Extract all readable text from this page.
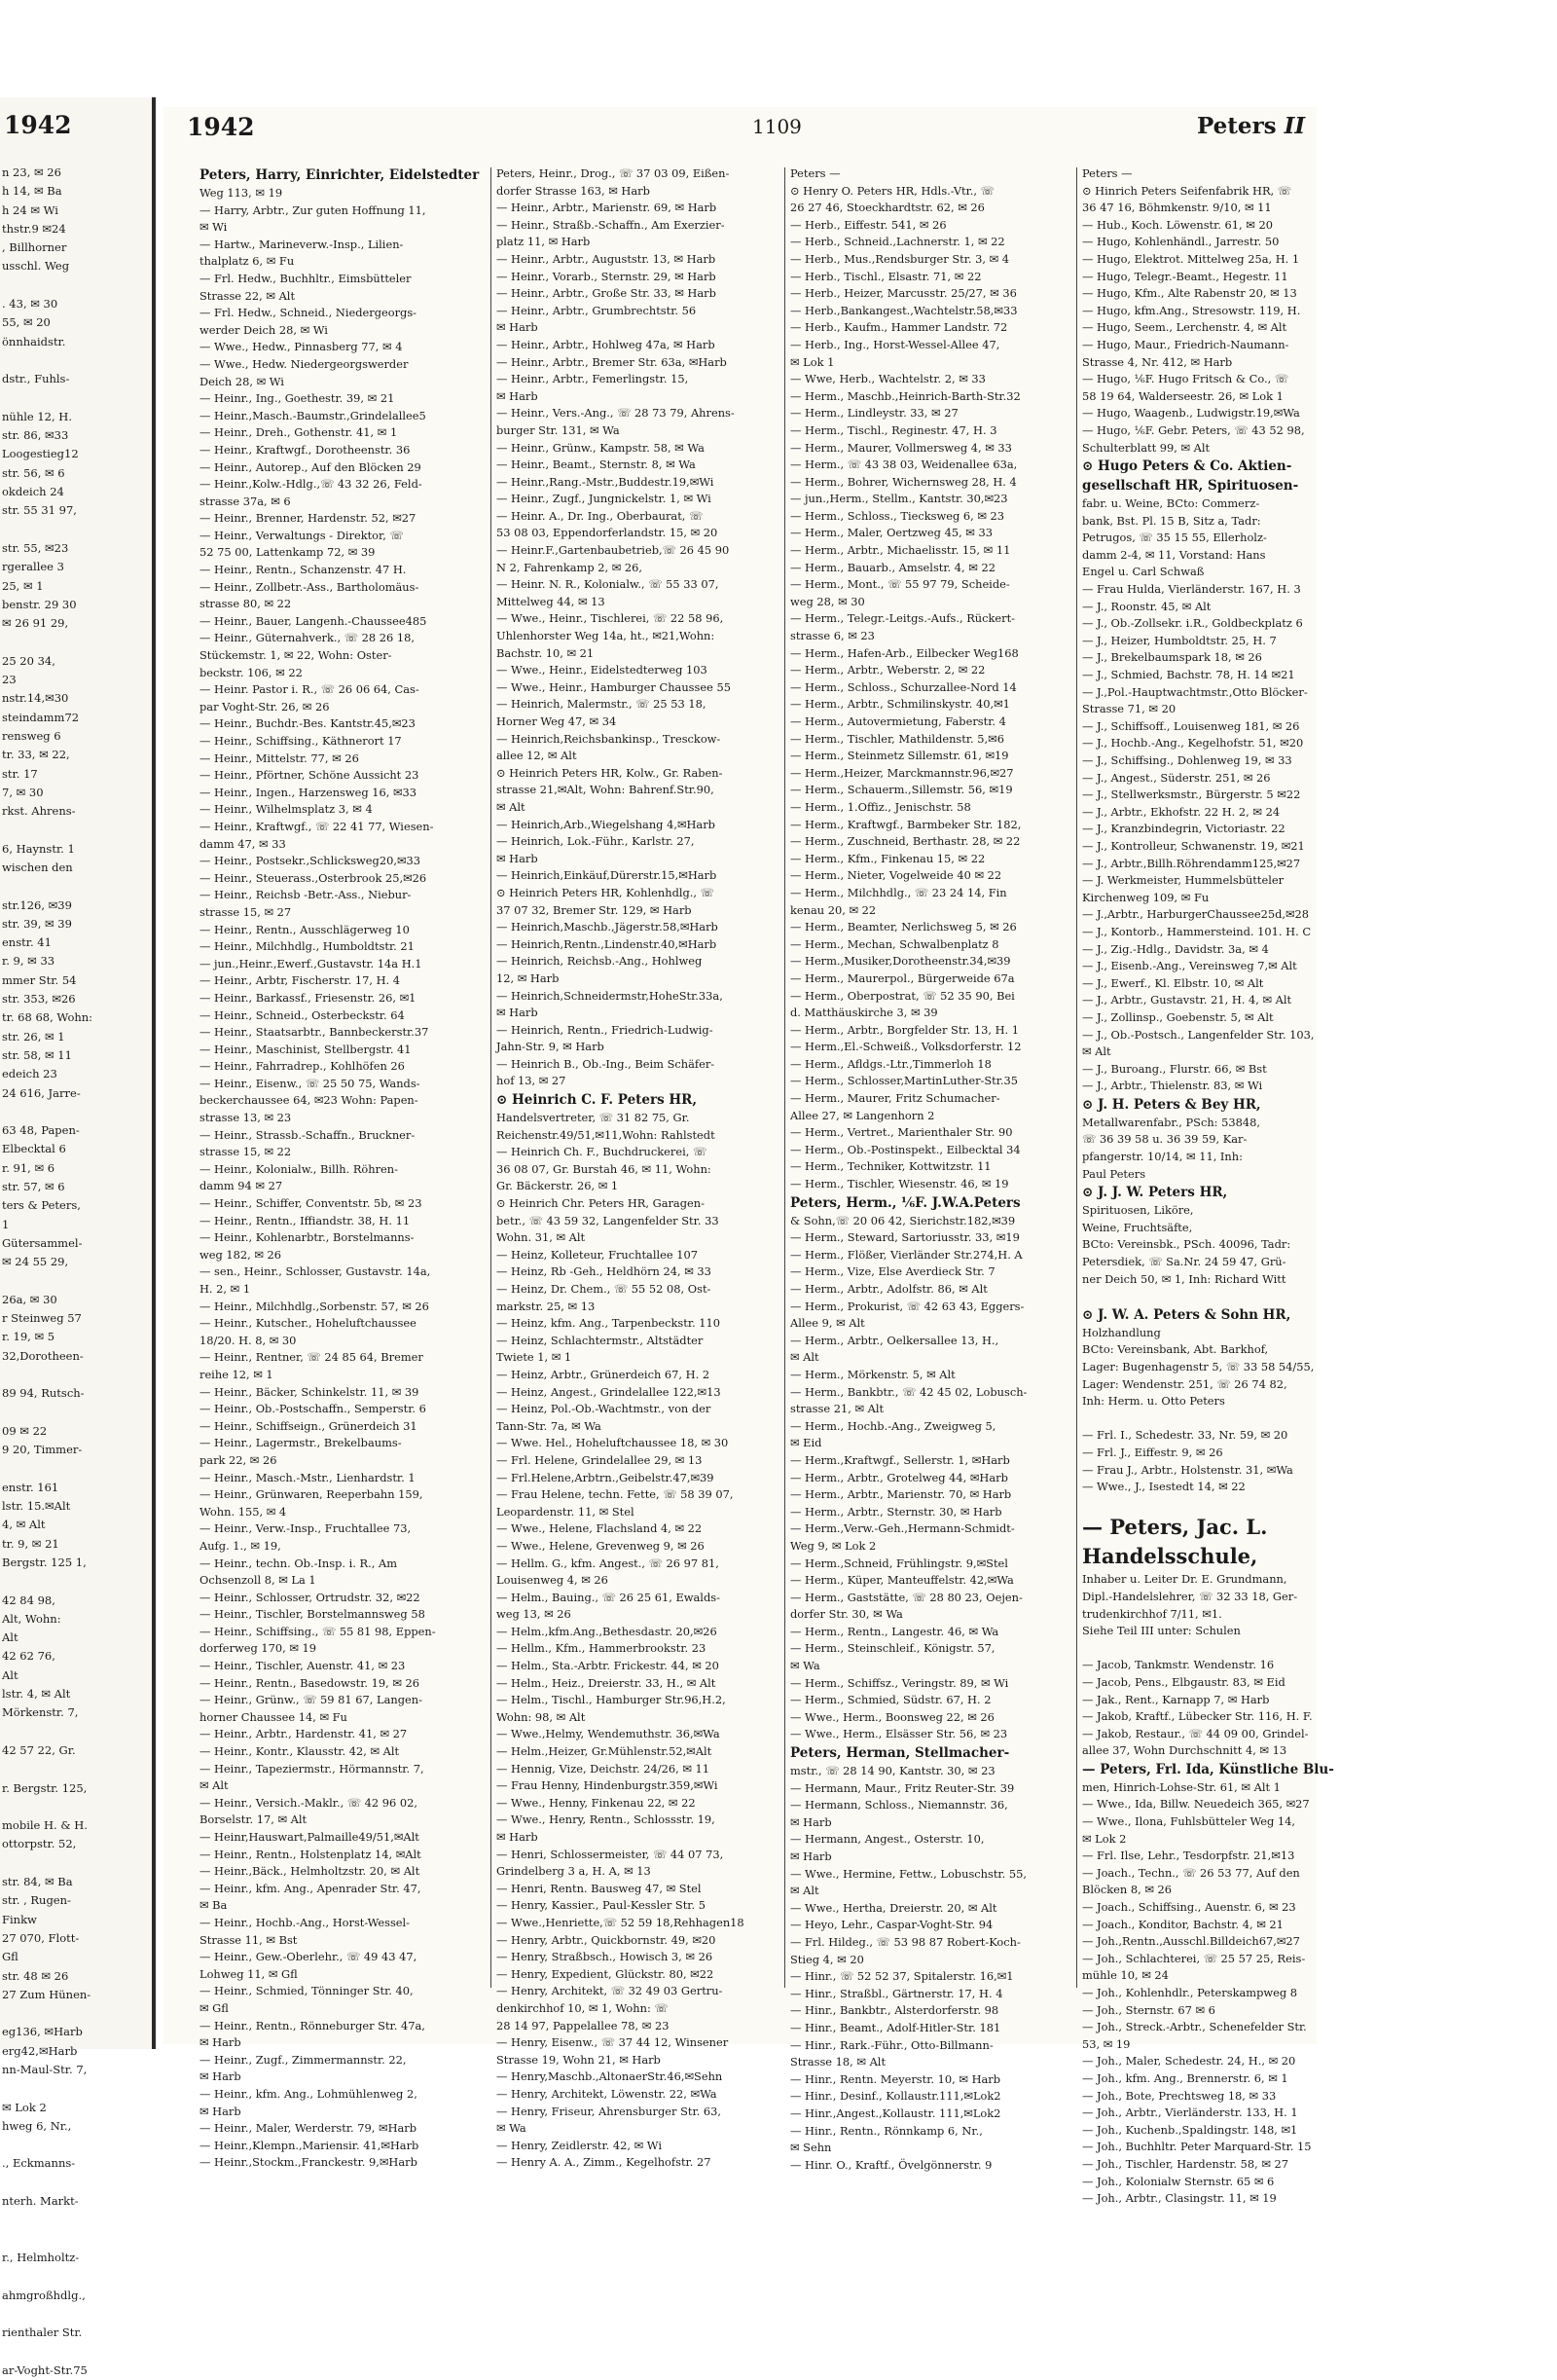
1942
n 23, ✉ 26
h 14, ✉ Ba
h 24 ✉ Wi
thstr.9 ✉24
, Billhorner
usschl. Weg

. 43, ✉ 30
55, ✉ 20
önnhaidstr.

dstr., Fuhls-

nühle 12, H.
str. 86, ✉33
Loogestieg12
str. 56, ✉ 6
okdeich 24
str. 55 31 97,

str. 55, ✉23
rgerallee 3
25, ✉ 1
benstr. 29 30
✉ 26 91 29,

25 20 34,
23
nstr.14,✉30
steindamm72
rensweg 6
tr. 33, ✉ 22,
str. 17
7, ✉ 30
rkst. Ahrens-

6, Haynstr. 1
wischen den

str.126, ✉39
str. 39, ✉ 39
enstr. 41
r. 9, ✉ 33
mmer Str. 54
str. 353, ✉26
tr. 68 68, Wohn:
str. 26, ✉ 1
str. 58, ✉ 11
edeich 23
24 616, Jarre-

63 48, Papen-
Elbecktal 6
r. 91, ✉ 6
str. 57, ✉ 6
ters & Peters,
1
Gütersammel-
✉ 24 55 29,

26a, ✉ 30
r Steinweg 57
r. 19, ✉ 5
32,Dorotheen-

89 94, Rutsch-

09 ✉ 22
9 20, Timmer-

enstr. 161
lstr. 15.✉Alt
4, ✉ Alt
tr. 9, ✉ 21
Bergstr. 125 1,

42 84 98,
Alt, Wohn:
Alt
42 62 76,
Alt
lstr. 4, ✉ Alt
Mörkenstr. 7,

42 57 22, Gr.

r. Bergstr. 125,

mobile H. & H.
ottorpstr. 52,

str. 84, ✉ Ba
str. , Rugen-
Finkw
27 070, Flott-
Gfl
str. 48 ✉ 26
27 Zum Hünen-

eg136, ✉Harb
erg42,✉Harb
nn-Maul-Str. 7,

✉ Lok 2
hweg 6, Nr.,

., Eckmanns-

nterh. Markt-

r., Helmholtz-

ahmgroßhdlg.,

rienthaler Str.

ar-Voght-Str.75
1942	1109	Peters II
Peters, Harry, Einrichter, Eidelstedter
Weg 113, ✉ 19
— Harry, Arbtr., Zur guten Hoffnung 11,
✉ Wi
— Hartw., Marineverw.-Insp., Lilien-
thalplatz 6, ✉ Fu
— Frl. Hedw., Buchhltr., Eimsbütteler
Strasse 22, ✉ Alt
— Frl. Hedw., Schneid., Niedergeorgs-
werder Deich 28, ✉ Wi
— Wwe., Hedw., Pinnasberg 77, ✉ 4
— Wwe., Hedw. Niedergeorgswerder
Deich 28, ✉ Wi
— Heinr., Ing., Goethestr. 39, ✉ 21
— Heinr.,Masch.-Baumstr.,Grindelallee5
— Heinr., Dreh., Gothenstr. 41, ✉ 1
— Heinr., Kraftwgf., Dorotheenstr. 36
— Heinr., Autorep., Auf den Blöcken 29
— Heinr.,Kolw.-Hdlg.,☏ 43 32 26, Feld-
strasse 37a, ✉ 6
— Heinr., Brenner, Hardenstr. 52, ✉27
— Heinr., Verwaltungs - Direktor, ☏
52 75 00, Lattenkamp 72, ✉ 39
— Heinr., Rentn., Schanzenstr. 47 H.
— Heinr., Zollbetr.-Ass., Bartholomäus-
strasse 80, ✉ 22
— Heinr., Bauer, Langenh.-Chaussee485
— Heinr., Güternahverk., ☏ 28 26 18,
Stückemstr. 1, ✉ 22, Wohn: Oster-
beckstr. 106, ✉ 22
— Heinr. Pastor i. R., ☏ 26 06 64, Cas-
par Voght-Str. 26, ✉ 26
— Heinr., Buchdr.-Bes. Kantstr.45,✉23
— Heinr., Schiffsing., Käthnerort 17
— Heinr., Mittelstr. 77, ✉ 26
— Heinr., Pförtner, Schöne Aussicht 23
— Heinr., Ingen., Harzensweg 16, ✉33
— Heinr., Wilhelmsplatz 3, ✉ 4
— Heinr., Kraftwgf., ☏ 22 41 77, Wiesen-
damm 47, ✉ 33
— Heinr., Postsekr.,Schlicksweg20,✉33
— Heinr., Steuerass.,Osterbrook 25,✉26
— Heinr., Reichsb -Betr.-Ass., Niebur-
strasse 15, ✉ 27
— Heinr., Rentn., Ausschlägerweg 10
— Heinr., Milchhdlg., Humboldtstr. 21
— jun.,Heinr.,Ewerf.,Gustavstr. 14a H.1
— Heinr., Arbtr, Fischerstr. 17, H. 4
— Heinr., Barkassf., Friesenstr. 26, ✉1
— Heinr., Schneid., Osterbeckstr. 64
— Heinr., Staatsarbtr., Bannbeckerstr.37
— Heinr., Maschinist, Stellbergstr. 41
— Heinr., Fahrradrep., Kohlhöfen 26
— Heinr., Eisenw., ☏ 25 50 75, Wands-
beckerchaussee 64, ✉23 Wohn: Papen-
strasse 13, ✉ 23
— Heinr., Strassb.-Schaffn., Bruckner-
strasse 15, ✉ 22
— Heinr., Kolonialw., Billh. Röhren-
damm 94 ✉ 27
— Heinr., Schiffer, Conventstr. 5b, ✉ 23
— Heinr., Rentn., Iffiandstr. 38, H. 11
— Heinr., Kohlenarbtr., Borstelmanns-
weg 182, ✉ 26
— sen., Heinr., Schlosser, Gustavstr. 14a,
H. 2, ✉ 1
— Heinr., Milchhdlg.,Sorbenstr. 57, ✉ 26
— Heinr., Kutscher., Hoheluftchaussee
18/20. H. 8, ✉ 30
— Heinr., Rentner, ☏ 24 85 64, Bremer
reihe 12, ✉ 1
— Heinr., Bäcker, Schinkelstr. 11, ✉ 39
— Heinr., Ob.-Postschaffn., Semperstr. 6
— Heinr., Schiffseign., Grünerdeich 31
— Heinr., Lagermstr., Brekelbaums-
park 22, ✉ 26
— Heinr., Masch.-Mstr., Lienhardstr. 1
— Heinr., Grünwaren, Reeperbahn 159,
Wohn. 155, ✉ 4
— Heinr., Verw.-Insp., Fruchtallee 73,
Aufg. 1., ✉ 19,
— Heinr., techn. Ob.-Insp. i. R., Am
Ochsenzoll 8, ✉ La 1
— Heinr., Schlosser, Ortrudstr. 32, ✉22
— Heinr., Tischler, Borstelmannsweg 58
— Heinr., Schiffsing., ☏ 55 81 98, Eppen-
dorferweg 170, ✉ 19
— Heinr., Tischler, Auenstr. 41, ✉ 23
— Heinr., Rentn., Basedowstr. 19, ✉ 26
— Heinr., Grünw., ☏ 59 81 67, Langen-
horner Chaussee 14, ✉ Fu
— Heinr., Arbtr., Hardenstr. 41, ✉ 27
— Heinr., Kontr., Klausstr. 42, ✉ Alt
— Heinr., Tapeziermstr., Hörmannstr. 7,
✉ Alt
— Heinr., Versich.-Maklr., ☏ 42 96 02,
Borselstr. 17, ✉ Alt
— Heinr,Hauswart,Palmaille49/51,✉Alt
— Heinr., Rentn., Holstenplatz 14, ✉Alt
— Heinr.,Bäck., Helmholtzstr. 20, ✉ Alt
— Heinr., kfm. Ang., Apenrader Str. 47,
✉ Ba
— Heinr., Hochb.-Ang., Horst-Wessel-
Strasse 11, ✉ Bst
— Heinr., Gew.-Oberlehr., ☏ 49 43 47,
Lohweg 11, ✉ Gfl
— Heinr., Schmied, Tönninger Str. 40,
✉ Gfl
— Heinr., Rentn., Rönneburger Str. 47a,
✉ Harb
— Heinr., Zugf., Zimmermannstr. 22,
✉ Harb
— Heinr., kfm. Ang., Lohmühlenweg 2,
✉ Harb
— Heinr., Maler, Werderstr. 79, ✉Harb
— Heinr.,Klempn.,Mariensir. 41,✉Harb
— Heinr.,Stockm.,Franckestr. 9,✉Harb
Peters, Heinr., Drog., ☏ 37 03 09, Eißen-
dorfer Strasse 163, ✉ Harb
— Heinr., Arbtr., Marienstr. 69, ✉ Harb
— Heinr., Straßb.-Schaffn., Am Exerzier-
platz 11, ✉ Harb
— Heinr., Arbtr., Auguststr. 13, ✉ Harb
— Heinr., Vorarb., Sternstr. 29, ✉ Harb
— Heinr., Arbtr., Große Str. 33, ✉ Harb
— Heinr., Arbtr., Grumbrechtstr. 56
✉ Harb
— Heinr., Arbtr., Hohlweg 47a, ✉ Harb
— Heinr., Arbtr., Bremer Str. 63a, ✉Harb
— Heinr., Arbtr., Femerlingstr. 15,
✉ Harb
— Heinr., Vers.-Ang., ☏ 28 73 79, Ahrens-
burger Str. 131, ✉ Wa
— Heinr., Grünw., Kampstr. 58, ✉ Wa
— Heinr., Beamt., Sternstr. 8, ✉ Wa
— Heinr.,Rang.-Mstr.,Buddestr.19,✉Wi
— Heinr., Zugf., Jungnickelstr. 1, ✉ Wi
— Heinr. A., Dr. Ing., Oberbaurat, ☏
53 08 03, Eppendorferlandstr. 15, ✉ 20
— Heinr.F.,Gartenbaubetrieb,☏ 26 45 90
N 2, Fahrenkamp 2, ✉ 26,
— Heinr. N. R., Kolonialw., ☏ 55 33 07,
Mittelweg 44, ✉ 13
— Wwe., Heinr., Tischlerei, ☏ 22 58 96,
Uhlenhorster Weg 14a, ht., ✉21,Wohn:
Bachstr. 10, ✉ 21
— Wwe., Heinr., Eidelstedterweg 103
— Wwe., Heinr., Hamburger Chaussee 55
— Heinrich, Malermstr., ☏ 25 53 18,
Horner Weg 47, ✉ 34
— Heinrich,Reichsbankinsp., Tresckow-
allee 12, ✉ Alt
⊙ Heinrich Peters HR, Kolw., Gr. Raben-
strasse 21,✉Alt, Wohn: Bahrenf.Str.90,
✉ Alt
— Heinrich,Arb.,Wiegelshang 4,✉Harb
— Heinrich, Lok.-Führ., Karlstr. 27,
✉ Harb
— Heinrich,Einkäuf,Dürerstr.15,✉Harb
⊙ Heinrich Peters HR, Kohlenhdlg., ☏
37 07 32, Bremer Str. 129, ✉ Harb
— Heinrich,Maschb.,Jägerstr.58,✉Harb
— Heinrich,Rentn.,Lindenstr.40,✉Harb
— Heinrich, Reichsb.-Ang., Hohlweg
12, ✉ Harb
— Heinrich,Schneidermstr,HoheStr.33a,
✉ Harb
— Heinrich, Rentn., Friedrich-Ludwig-
Jahn-Str. 9, ✉ Harb
— Heinrich B., Ob.-Ing., Beim Schäfer-
hof 13, ✉ 27
⊙ Heinrich C. F. Peters HR,
Handelsvertreter, ☏ 31 82 75, Gr.
Reichenstr.49/51,✉11,Wohn: Rahlstedt
— Heinrich Ch. F., Buchdruckerei, ☏
36 08 07, Gr. Burstah 46, ✉ 11, Wohn:
Gr. Bäckerstr. 26, ✉ 1
⊙ Heinrich Chr. Peters HR, Garagen-
betr., ☏ 43 59 32, Langenfelder Str. 33
Wohn. 31, ✉ Alt
— Heinz, Kolleteur, Fruchtallee 107
— Heinz, Rb -Geh., Heldhörn 24, ✉ 33
— Heinz, Dr. Chem., ☏ 55 52 08, Ost-
markstr. 25, ✉ 13
— Heinz, kfm. Ang., Tarpenbeckstr. 110
— Heinz, Schlachtermstr., Altstädter
Twiete 1, ✉ 1
— Heinz, Arbtr., Grünerdeich 67, H. 2
— Heinz, Angest., Grindelallee 122,✉13
— Heinz, Pol.-Ob.-Wachtmstr., von der
Tann-Str. 7a, ✉ Wa
— Wwe. Hel., Hoheluftchaussee 18, ✉ 30
— Frl. Helene, Grindelallee 29, ✉ 13
— Frl.Helene,Arbtrn.,Geibelstr.47,✉39
— Frau Helene, techn. Fette, ☏ 58 39 07,
Leopardenstr. 11, ✉ Stel
— Wwe., Helene, Flachsland 4, ✉ 22
— Wwe., Helene, Grevenweg 9, ✉ 26
— Hellm. G., kfm. Angest., ☏ 26 97 81,
Louisenweg 4, ✉ 26
— Helm., Bauing., ☏ 26 25 61, Ewalds-
weg 13, ✉ 26
— Helm.,kfm.Ang.,Bethesdastr. 20,✉26
— Hellm., Kfm., Hammerbrookstr. 23
— Helm., Sta.-Arbtr. Frickestr. 44, ✉ 20
— Helm., Heiz., Dreierstr. 33, H., ✉ Alt
— Helm., Tischl., Hamburger Str.96,H.2,
Wohn: 98, ✉ Alt
— Wwe.,Helmy, Wendemuthstr. 36,✉Wa
— Helm.,Heizer, Gr.Mühlenstr.52,✉Alt
— Hennig, Vize, Deichstr. 24/26, ✉ 11
— Frau Henny, Hindenburgstr.359,✉Wi
— Wwe., Henny, Finkenau 22, ✉ 22
— Wwe., Henry, Rentn., Schlossstr. 19,
✉ Harb
— Henri, Schlossermeister, ☏ 44 07 73,
Grindelberg 3 a, H. A, ✉ 13
— Henri, Rentn. Bausweg 47, ✉ Stel
— Henry, Kassier., Paul-Kessler Str. 5
— Wwe.,Henriette,☏ 52 59 18,Rehhagen18
— Henry, Arbtr., Quickbornstr. 49, ✉20
— Henry, Straßbsch., Howisch 3, ✉ 26
— Henry, Expedient, Glückstr. 80, ✉22
— Henry, Architekt, ☏ 32 49 03 Gertru-
denkirchhof 10, ✉ 1, Wohn: ☏
28 14 97, Pappelallee 78, ✉ 23
— Henry, Eisenw., ☏ 37 44 12, Winsener
Strasse 19, Wohn 21, ✉ Harb
— Henry,Maschb.,AltonaerStr.46,✉Sehn
— Henry, Architekt, Löwenstr. 22, ✉Wa
— Henry, Friseur, Ahrensburger Str. 63,
✉ Wa
— Henry, Zeidlerstr. 42, ✉ Wi
— Henry A. A., Zimm., Kegelhofstr. 27
Peters —
⊙ Henry O. Peters HR, Hdls.-Vtr., ☏
26 27 46, Stoeckhardtstr. 62, ✉ 26
— Herb., Eiffestr. 541, ✉ 26
— Herb., Schneid.,Lachnerstr. 1, ✉ 22
— Herb., Mus.,Rendsburger Str. 3, ✉ 4
— Herb., Tischl., Elsastr. 71, ✉ 22
— Herb., Heizer, Marcusstr. 25/27, ✉ 36
— Herb.,Bankangest.,Wachtelstr.58,✉33
— Herb., Kaufm., Hammer Landstr. 72
— Herb., Ing., Horst-Wessel-Allee 47,
✉ Lok 1
— Wwe, Herb., Wachtelstr. 2, ✉ 33
— Herm., Maschb.,Heinrich-Barth-Str.32
— Herm., Lindleystr. 33, ✉ 27
— Herm., Tischl., Reginestr. 47, H. 3
— Herm., Maurer, Vollmersweg 4, ✉ 33
— Herm., ☏ 43 38 03, Weidenallee 63a,
— Herm., Bohrer, Wichernsweg 28, H. 4
— jun.,Herm., Stellm., Kantstr. 30,✉23
— Herm., Schloss., Tiecksweg 6, ✉ 23
— Herm., Maler, Oertzweg 45, ✉ 33
— Herm., Arbtr., Michaelisstr. 15, ✉ 11
— Herm., Bauarb., Amselstr. 4, ✉ 22
— Herm., Mont., ☏ 55 97 79, Scheide-
weg 28, ✉ 30
— Herm., Telegr.-Leitgs.-Aufs., Rückert-
strasse 6, ✉ 23
— Herm., Hafen-Arb., Eilbecker Weg168
— Herm., Arbtr., Weberstr. 2, ✉ 22
— Herm., Schloss., Schurzallee-Nord 14
— Herm., Arbtr., Schmilinskystr. 40,✉1
— Herm., Autovermietung, Faberstr. 4
— Herm., Tischler, Mathildenstr. 5,✉6
— Herm., Steinmetz Sillemstr. 61, ✉19
— Herm.,Heizer, Marckmannstr.96,✉27
— Herm., Schauerm.,Sillemstr. 56, ✉19
— Herm., 1.Offiz., Jenischstr. 58
— Herm., Kraftwgf., Barmbeker Str. 182,
— Herm., Zuschneid, Berthastr. 28, ✉ 22
— Herm., Kfm., Finkenau 15, ✉ 22
— Herm., Nieter, Vogelweide 40 ✉ 22
— Herm., Milchhdlg., ☏ 23 24 14, Fin
kenau 20, ✉ 22
— Herm., Beamter, Nerlichsweg 5, ✉ 26
— Herm., Mechan, Schwalbenplatz 8
— Herm.,Musiker,Dorotheenstr.34,✉39
— Herm., Maurerpol., Bürgerweide 67a
— Herm., Oberpostrat, ☏ 52 35 90, Bei
d. Matthäuskirche 3, ✉ 39
— Herm., Arbtr., Borgfelder Str. 13, H. 1
— Herm.,El.-Schweiß., Volksdorferstr. 12
— Herm., Afldgs.-Ltr.,Timmerloh 18
— Herm., Schlosser,MartinLuther-Str.35
— Herm., Maurer, Fritz Schumacher-
Allee 27, ✉ Langenhorn 2
— Herm., Vertret., Marienthaler Str. 90
— Herm., Ob.-Postinspekt., Eilbecktal 34
— Herm., Techniker, Kottwitzstr. 11
— Herm., Tischler, Wiesenstr. 46, ✉ 19
Peters, Herm., ⅙F. J.W.A.Peters
& Sohn,☏ 20 06 42, Sierichstr.182,✉39
— Herm., Steward, Sartoriusstr. 33, ✉19
— Herm., Flößer, Vierländer Str.274,H. A
— Herm., Vize, Else Averdieck Str. 7
— Herm., Arbtr., Adolfstr. 86, ✉ Alt
— Herm., Prokurist, ☏ 42 63 43, Eggers-
Allee 9, ✉ Alt
— Herm., Arbtr., Oelkersallee 13, H.,
✉ Alt
— Herm., Mörkenstr. 5, ✉ Alt
— Herm., Bankbtr., ☏ 42 45 02, Lobusch-
strasse 21, ✉ Alt
— Herm., Hochb.-Ang., Zweigweg 5,
✉ Eid
— Herm.,Kraftwgf., Sellerstr. 1, ✉Harb
— Herm., Arbtr., Grotelweg 44, ✉Harb
— Herm., Arbtr., Marienstr. 70, ✉ Harb
— Herm., Arbtr., Sternstr. 30, ✉ Harb
— Herm.,Verw.-Geh.,Hermann-Schmidt-
Weg 9, ✉ Lok 2
— Herm.,Schneid, Frühlingstr. 9,✉Stel
— Herm., Küper, Manteuffelstr. 42,✉Wa
— Herm., Gaststätte, ☏ 28 80 23, Oejen-
dorfer Str. 30, ✉ Wa
— Herm., Rentn., Langestr. 46, ✉ Wa
— Herm., Steinschleif., Königstr. 57,
✉ Wa
— Herm., Schiffsz., Veringstr. 89, ✉ Wi
— Herm., Schmied, Südstr. 67, H. 2
— Wwe., Herm., Boonsweg 22, ✉ 26
— Wwe., Herm., Elsässer Str. 56, ✉ 23
Peters, Herman, Stellmacher-
mstr., ☏ 28 14 90, Kantstr. 30, ✉ 23
— Hermann, Maur., Fritz Reuter-Str. 39
— Hermann, Schloss., Niemannstr. 36,
✉ Harb
— Hermann, Angest., Osterstr. 10,
✉ Harb
— Wwe., Hermine, Fettw., Lobuschstr. 55,
✉ Alt
— Wwe., Hertha, Dreierstr. 20, ✉ Alt
— Heyo, Lehr., Caspar-Voght-Str. 94
— Frl. Hildeg., ☏ 53 98 87 Robert-Koch-
Stieg 4, ✉ 20
— Hinr., ☏ 52 52 37, Spitalerstr. 16,✉1
— Hinr., Straßbl., Gärtnerstr. 17, H. 4
— Hinr., Bankbtr., Alsterdorferstr. 98
— Hinr., Beamt., Adolf-Hitler-Str. 181
— Hinr., Rark.-Führ., Otto-Billmann-
Strasse 18, ✉ Alt
— Hinr., Rentn. Meyerstr. 10, ✉ Harb
— Hinr., Desinf., Kollaustr.111,✉Lok2
— Hinr.,Angest.,Kollaustr. 111,✉Lok2
— Hinr., Rentn., Rönnkamp 6, Nr.,
✉ Sehn
— Hinr. O., Kraftf., Övelgönnerstr. 9
Peters —
⊙ Hinrich Peters Seifenfabrik HR, ☏
36 47 16, Böhmkenstr. 9/10, ✉ 11
— Hub., Koch. Löwenstr. 61, ✉ 20
— Hugo, Kohlenhändl., Jarrestr. 50
— Hugo, Elektrot. Mittelweg 25a, H. 1
— Hugo, Telegr.-Beamt., Hegestr. 11
— Hugo, Kfm., Alte Rabenstr 20, ✉ 13
— Hugo, kfm.Ang., Stresowstr. 119, H.
— Hugo, Seem., Lerchenstr. 4, ✉ Alt
— Hugo, Maur., Friedrich-Naumann-
Strasse 4, Nr. 412, ✉ Harb
— Hugo, ⅙F. Hugo Fritsch & Co., ☏
58 19 64, Walderseestr. 26, ✉ Lok 1
— Hugo, Waagenb., Ludwigstr.19,✉Wa
— Hugo, ⅙F. Gebr. Peters, ☏ 43 52 98,
Schulterblatt 99, ✉ Alt
⊙ Hugo Peters & Co. Aktien-
gesellschaft HR, Spirituosen-
fabr. u. Weine, BCto: Commerz-
bank, Bst. Pl. 15 B, Sitz a, Tadr:
Petrugos, ☏ 35 15 55, Ellerholz-
damm 2-4, ✉ 11, Vorstand: Hans
Engel u. Carl Schwaß
— Frau Hulda, Vierländerstr. 167, H. 3
— J., Roonstr. 45, ✉ Alt
— J., Ob.-Zollsekr. i.R., Goldbeckplatz 6
— J., Heizer, Humboldtstr. 25, H. 7
— J., Brekelbaumspark 18, ✉ 26
— J., Schmied, Bachstr. 78, H. 14 ✉21
— J.,Pol.-Hauptwachtmstr.,Otto Blöcker-
Strasse 71, ✉ 20
— J., Schiffsoff., Louisenweg 181, ✉ 26
— J., Hochb.-Ang., Kegelhofstr. 51, ✉20
— J., Schiffsing., Dohlenweg 19, ✉ 33
— J., Angest., Süderstr. 251, ✉ 26
— J., Stellwerksmstr., Bürgerstr. 5 ✉22
— J., Arbtr., Ekhofstr. 22 H. 2, ✉ 24
— J., Kranzbindegrin, Victoriastr. 22
— J., Kontrolleur, Schwanenstr. 19, ✉21
— J., Arbtr.,Billh.Röhrendamm125,✉27
— J. Werkmeister, Hummelsbütteler
Kirchenweg 109, ✉ Fu
— J.,Arbtr., HarburgerChaussee25d,✉28
— J., Kontorb., Hammersteind. 101. H. C
— J., Zig.-Hdlg., Davidstr. 3a, ✉ 4
— J., Eisenb.-Ang., Vereinsweg 7,✉ Alt
— J., Ewerf., Kl. Elbstr. 10, ✉ Alt
— J., Arbtr., Gustavstr. 21, H. 4, ✉ Alt
— J., Zollinsp., Goebenstr. 5, ✉ Alt
— J., Ob.-Postsch., Langenfelder Str. 103,
✉ Alt
— J., Buroang., Flurstr. 66, ✉ Bst
— J., Arbtr., Thielenstr. 83, ✉ Wi
⊙ J. H. Peters & Bey HR,
Metallwarenfabr., PSch: 53848,
☏ 36 39 58 u. 36 39 59, Kar-
pfangerstr. 10/14, ✉ 11, Inh:
Paul Peters
⊙ J. J. W. Peters HR,
Spirituosen, Liköre,
Weine, Fruchtsäfte,
BCto: Vereinsbk., PSch. 40096, Tadr:
Petersdiek, ☏ Sa.Nr. 24 59 47, Grü-
ner Deich 50, ✉ 1, Inh: Richard Witt

⊙ J. W. A. Peters & Sohn HR,
Holzhandlung
BCto: Vereinsbank, Abt. Barkhof,
Lager: Bugenhagenstr 5, ☏ 33 58 54/55,
Lager: Wendenstr. 251, ☏ 26 74 82,
Inh: Herm. u. Otto Peters

— Frl. I., Schedestr. 33, Nr. 59, ✉ 20
— Frl. J., Eiffestr. 9, ✉ 26
— Frau J., Arbtr., Holstenstr. 31, ✉Wa
— Wwe., J., Isestedt 14, ✉ 22

— Peters, Jac. L.
Handelsschule,
Inhaber u. Leiter Dr. E. Grundmann,
Dipl.-Handelslehrer, ☏ 32 33 18, Ger-
trudenkirchhof 7/11, ✉1.
Siehe Teil III unter: Schulen

— Jacob, Tankmstr. Wendenstr. 16
— Jacob, Pens., Elbgaustr. 83, ✉ Eid
— Jak., Rent., Karnapp 7, ✉ Harb
— Jakob, Kraftf., Lübecker Str. 116, H. F.
— Jakob, Restaur., ☏ 44 09 00, Grindel-
allee 37, Wohn Durchschnitt 4, ✉ 13
— Peters, Frl. Ida, Künstliche Blu-
men, Hinrich-Lohse-Str. 61, ✉ Alt 1
— Wwe., Ida, Billw. Neuedeich 365, ✉27
— Wwe., Ilona, Fuhlsbütteler Weg 14,
✉ Lok 2
— Frl. Ilse, Lehr., Tesdorpfstr. 21,✉13
— Joach., Techn., ☏ 26 53 77, Auf den
Blöcken 8, ✉ 26
— Joach., Schiffsing., Auenstr. 6, ✉ 23
— Joach., Konditor, Bachstr. 4, ✉ 21
— Joh.,Rentn.,Ausschl.Billdeich67,✉27
— Joh., Schlachterei, ☏ 25 57 25, Reis-
mühle 10, ✉ 24
— Joh., Kohlenhdlr., Peterskampweg 8
— Joh., Sternstr. 67 ✉ 6
— Joh., Streck.-Arbtr., Schenefelder Str.
53, ✉ 19
— Joh., Maler, Schedestr. 24, H., ✉ 20
— Joh., kfm. Ang., Brennerstr. 6, ✉ 1
— Joh., Bote, Prechtsweg 18, ✉ 33
— Joh., Arbtr., Vierländerstr. 133, H. 1
— Joh., Kuchenb.,Spaldingstr. 148, ✉1
— Joh., Buchhltr. Peter Marquard-Str. 15
— Joh., Tischler, Hardenstr. 58, ✉ 27
— Joh., Kolonialw Sternstr. 65 ✉ 6
— Joh., Arbtr., Clasingstr. 11, ✉ 19
